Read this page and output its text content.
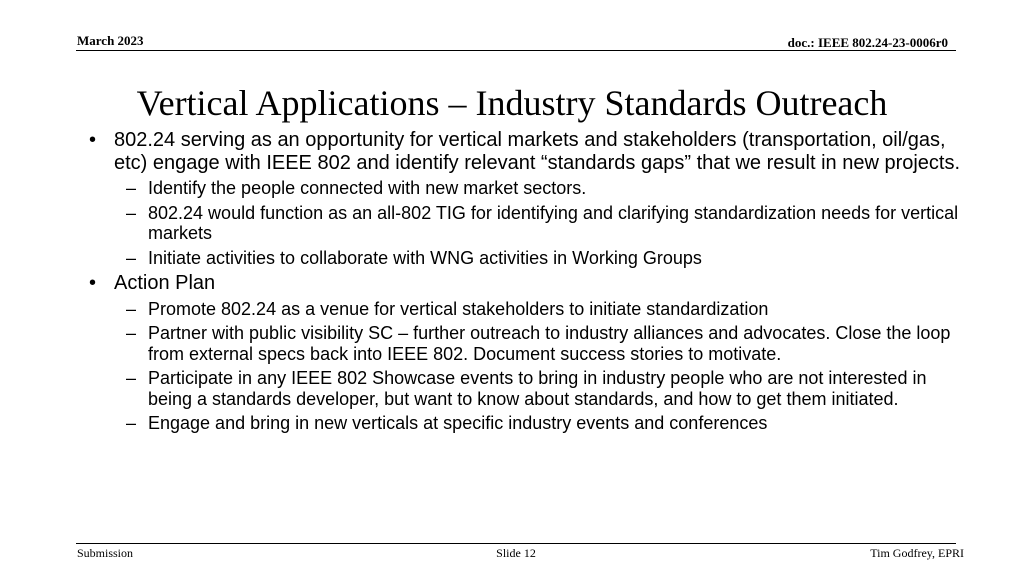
March 2023	doc.: IEEE 802.24-23-0006r0
Vertical Applications – Industry Standards Outreach
• 802.24 serving as an opportunity for vertical markets and stakeholders (transportation, oil/gas, etc) engage with IEEE 802 and identify relevant “standards gaps” that we result in new projects.
– Identify the people connected with new market sectors.
– 802.24 would function as an all-802 TIG for identifying and clarifying standardization needs for vertical markets
– Initiate activities to collaborate with WNG activities in Working Groups
• Action Plan
– Promote 802.24 as a venue for vertical stakeholders to initiate standardization
– Partner with public visibility SC – further outreach to industry alliances and advocates. Close the loop from external specs back into IEEE 802. Document success stories to motivate.
– Participate in any IEEE 802 Showcase events to bring in industry people who are not interested in being a standards developer, but want to know about standards, and how to get them initiated.
– Engage and bring in new verticals at specific industry events and conferences
Submission	Slide 12	Tim Godfrey, EPRI
